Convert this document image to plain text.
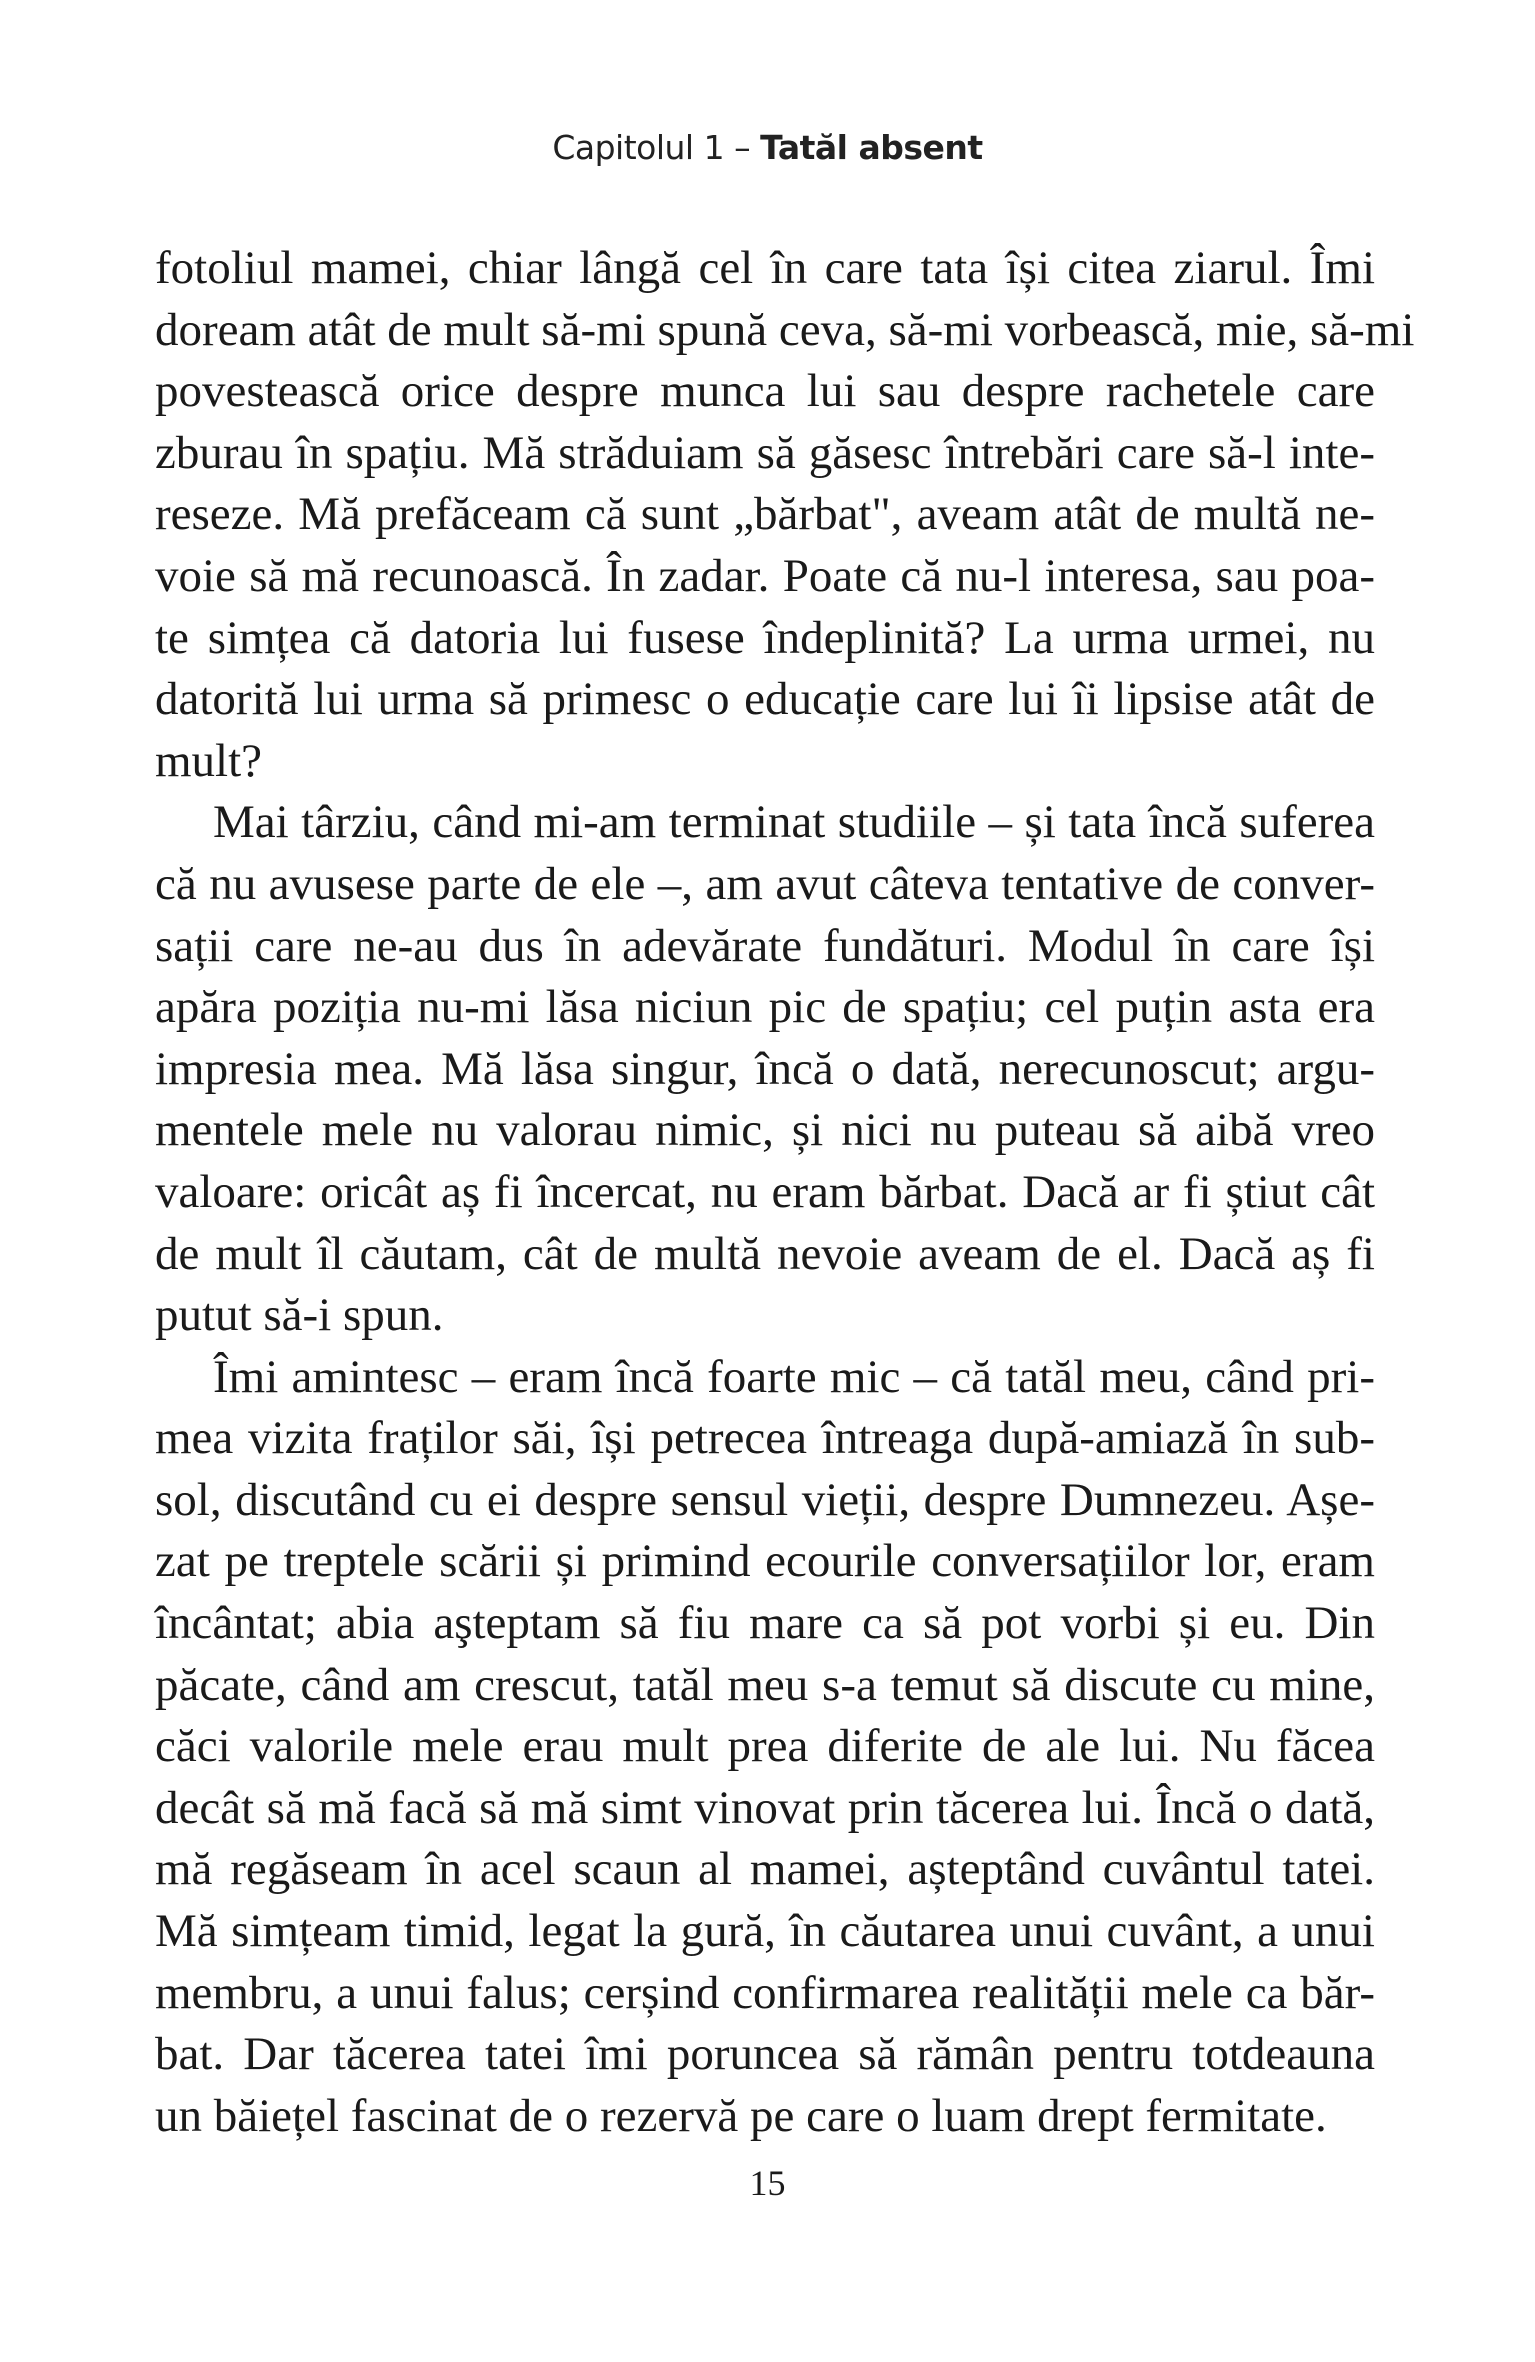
Capitolul 1 – Tatăl absent
fotoliul mamei, chiar lângă cel în care tata își citea ziarul. Îmi
doream atât de mult să-mi spună ceva, să-mi vorbească, mie, să-mi
povestească orice despre munca lui sau despre rachetele care
zburau în spațiu. Mă străduiam să găsesc întrebări care să-l inte-
reseze. Mă prefăceam că sunt „bărbat", aveam atât de multă ne-
voie să mă recunoască. În zadar. Poate că nu-l interesa, sau poa-
te simțea că datoria lui fusese îndeplinită? La urma urmei, nu
datorită lui urma să primesc o educație care lui îi lipsise atât de
mult?
Mai târziu, când mi-am terminat studiile – și tata încă suferea
că nu avusese parte de ele –, am avut câteva tentative de conver-
sații care ne-au dus în adevărate fundături. Modul în care își
apăra poziția nu-mi lăsa niciun pic de spațiu; cel puțin asta era
impresia mea. Mă lăsa singur, încă o dată, nerecunoscut; argu-
mentele mele nu valorau nimic, și nici nu puteau să aibă vreo
valoare: oricât aș fi încercat, nu eram bărbat. Dacă ar fi știut cât
de mult îl căutam, cât de multă nevoie aveam de el. Dacă aș fi
putut să-i spun.
Îmi amintesc – eram încă foarte mic – că tatăl meu, când pri-
mea vizita fraților săi, își petrecea întreaga după-amiază în sub-
sol, discutând cu ei despre sensul vieții, despre Dumnezeu. Așe-
zat pe treptele scării și primind ecourile conversațiilor lor, eram
încântat; abia aşteptam să fiu mare ca să pot vorbi și eu. Din
păcate, când am crescut, tatăl meu s-a temut să discute cu mine,
căci valorile mele erau mult prea diferite de ale lui. Nu făcea
decât să mă facă să mă simt vinovat prin tăcerea lui. Încă o dată,
mă regăseam în acel scaun al mamei, așteptând cuvântul tatei.
Mă simțeam timid, legat la gură, în căutarea unui cuvânt, a unui
membru, a unui falus; cerșind confirmarea realității mele ca băr-
bat. Dar tăcerea tatei îmi poruncea să rămân pentru totdeauna
un băiețel fascinat de o rezervă pe care o luam drept fermitate.
15
